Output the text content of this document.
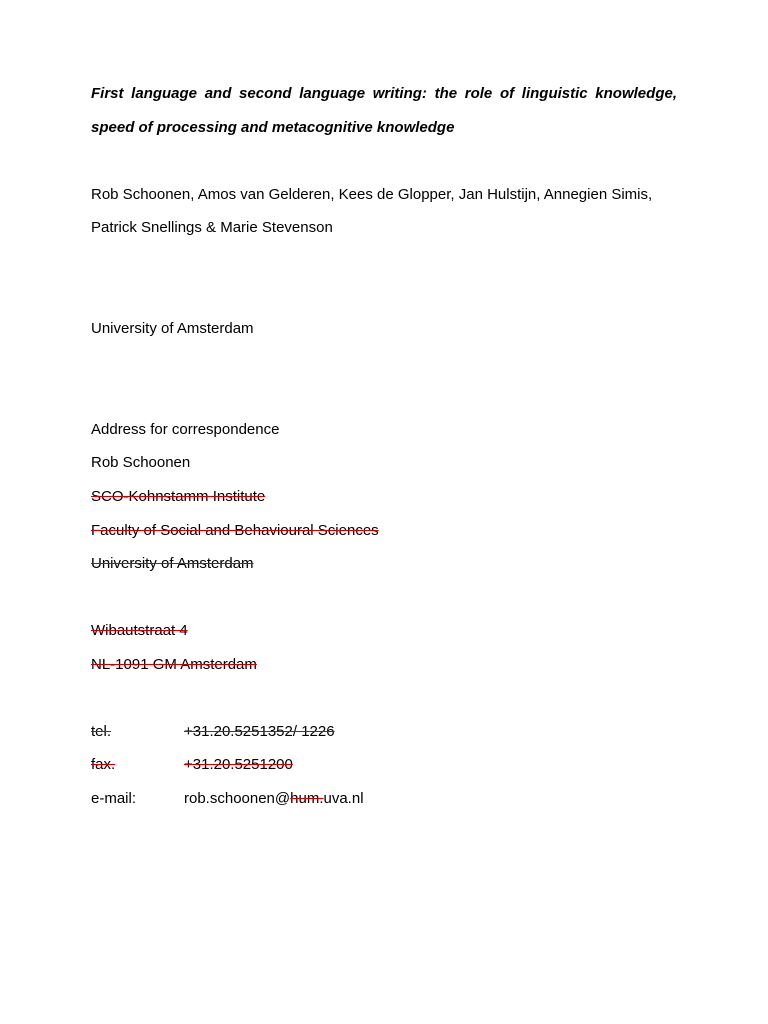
First language and second language writing: the role of linguistic knowledge,
speed of processing and metacognitive knowledge
Rob Schoonen, Amos van Gelderen, Kees de Glopper, Jan Hulstijn, Annegien Simis,
Patrick Snellings & Marie Stevenson
University of Amsterdam
Address for correspondence
Rob Schoonen
SCO-Kohnstamm Institute
Faculty of Social and Behavioural Sciences
University of Amsterdam
Wibautstraat 4
NL-1091 GM Amsterdam
tel.	+31.20.5251352/ 1226
fax.	+31.20.5251200
e-mail:	rob.schoonen@hum.uva.nl
